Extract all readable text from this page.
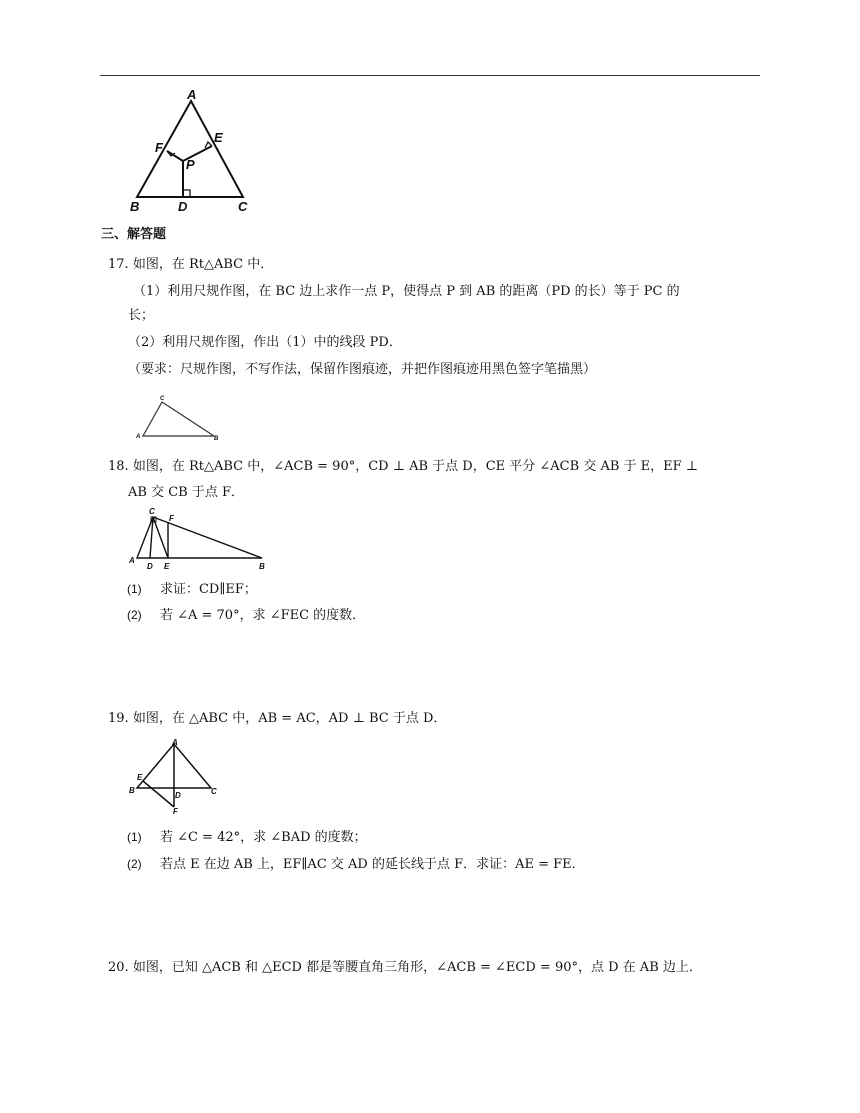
A
B	C
D
E
F
P
三、解答题
17. 如图，在 Rt△ABC 中．
（1）利用尺规作图，在 BC 边上求作一点 P，使得点 P 到 AB 的距离（PD 的长）等于 PC 的
长；
（2）利用尺规作图，作出（1）中的线段 PD．
（要求：尺规作图，不写作法，保留作图痕迹，并把作图痕迹用黑色签字笔描黑）
A
C
B
18. 如图，在 Rt△ABC 中，∠ACB = 90°，CD ⊥ AB 于点 D，CE 平分 ∠ACB 交 AB 于 E，EF ⊥
AB 交 CB 于点 F．
A
C
F
D E	B
(1) 求证：CD∥EF；
(2) 若 ∠A = 70°，求 ∠FEC 的度数．
19. 如图，在 △ABC 中，AB = AC，AD ⊥ BC 于点 D．
A
E
B
D	C
F
(1) 若 ∠C = 42°，求 ∠BAD 的度数；
(2) 若点 E 在边 AB 上，EF∥AC 交 AD 的延长线于点 F．求证：AE = FE．
20. 如图，已知 △ACB 和 △ECD 都是等腰直角三角形，∠ACB = ∠ECD = 90°，点 D 在 AB 边上．
